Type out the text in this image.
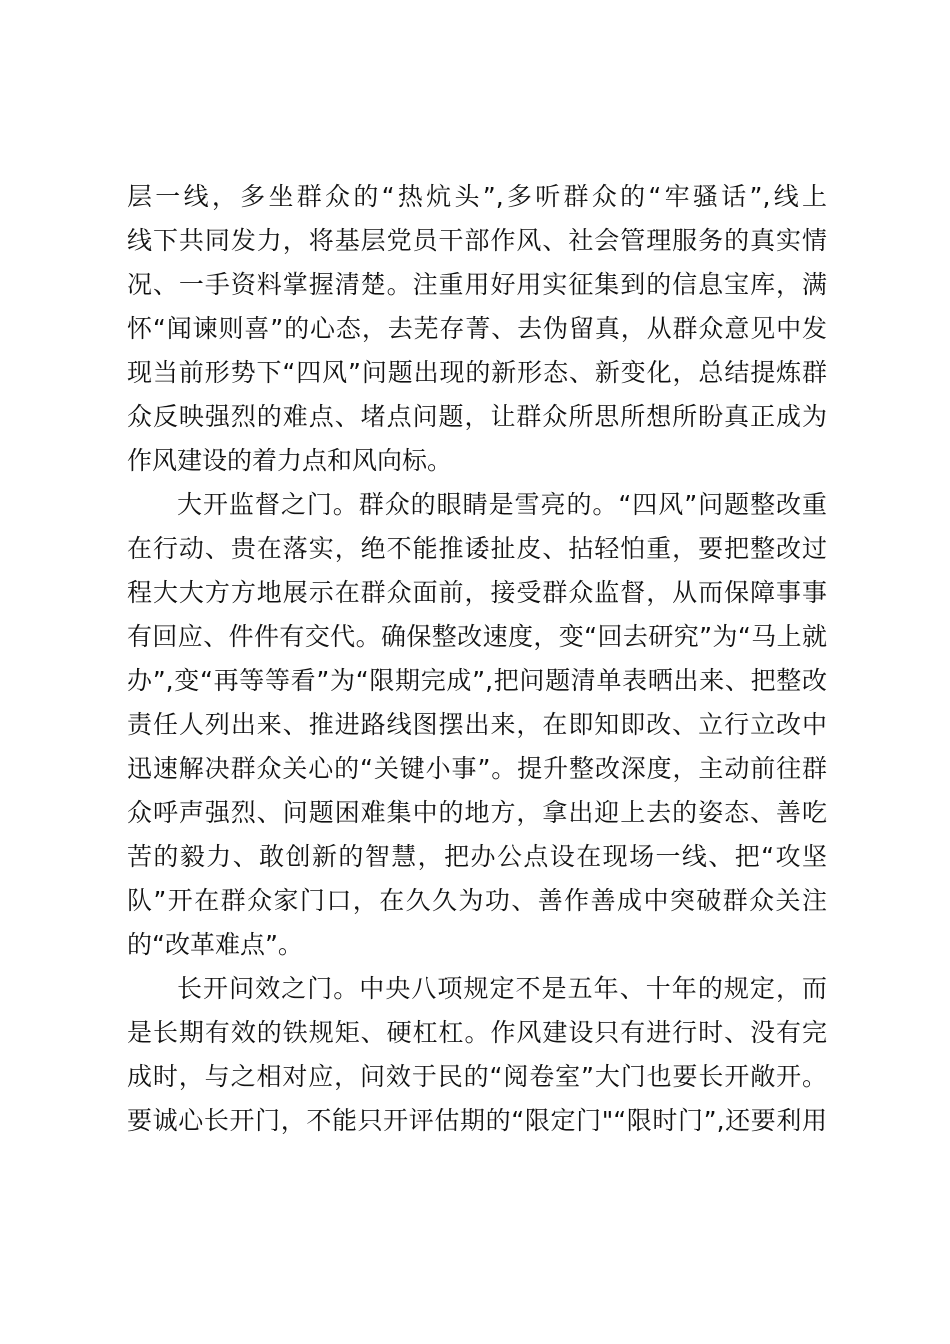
层一线，多坐群众的“热炕头”,多听群众的“牢骚话”,线上
线下共同发力，将基层党员干部作风、社会管理服务的真实情
况、一手资料掌握清楚。注重用好用实征集到的信息宝库，满
怀“闻谏则喜”的心态，去芜存菁、去伪留真，从群众意见中发
现当前形势下“四风”问题出现的新形态、新变化，总结提炼群
众反映强烈的难点、堵点问题，让群众所思所想所盼真正成为
作风建设的着力点和风向标。
大开监督之门。群众的眼睛是雪亮的。“四风”问题整改重
在行动、贵在落实，绝不能推诿扯皮、拈轻怕重，要把整改过
程大大方方地展示在群众面前，接受群众监督，从而保障事事
有回应、件件有交代。确保整改速度，变“回去研究”为“马上就
办”,变“再等等看”为“限期完成”,把问题清单表晒出来、把整改
责任人列出来、推进路线图摆出来，在即知即改、立行立改中
迅速解决群众关心的“关键小事”。提升整改深度，主动前往群
众呼声强烈、问题困难集中的地方，拿出迎上去的姿态、善吃
苦的毅力、敢创新的智慧，把办公点设在现场一线、把“攻坚
队”开在群众家门口，在久久为功、善作善成中突破群众关注
的“改革难点”。
长开问效之门。中央八项规定不是五年、十年的规定，而
是长期有效的铁规矩、硬杠杠。作风建设只有进行时、没有完
成时，与之相对应，问效于民的“阅卷室”大门也要长开敞开。
要诚心长开门，不能只开评估期的“限定门"“限时门”,还要利用
